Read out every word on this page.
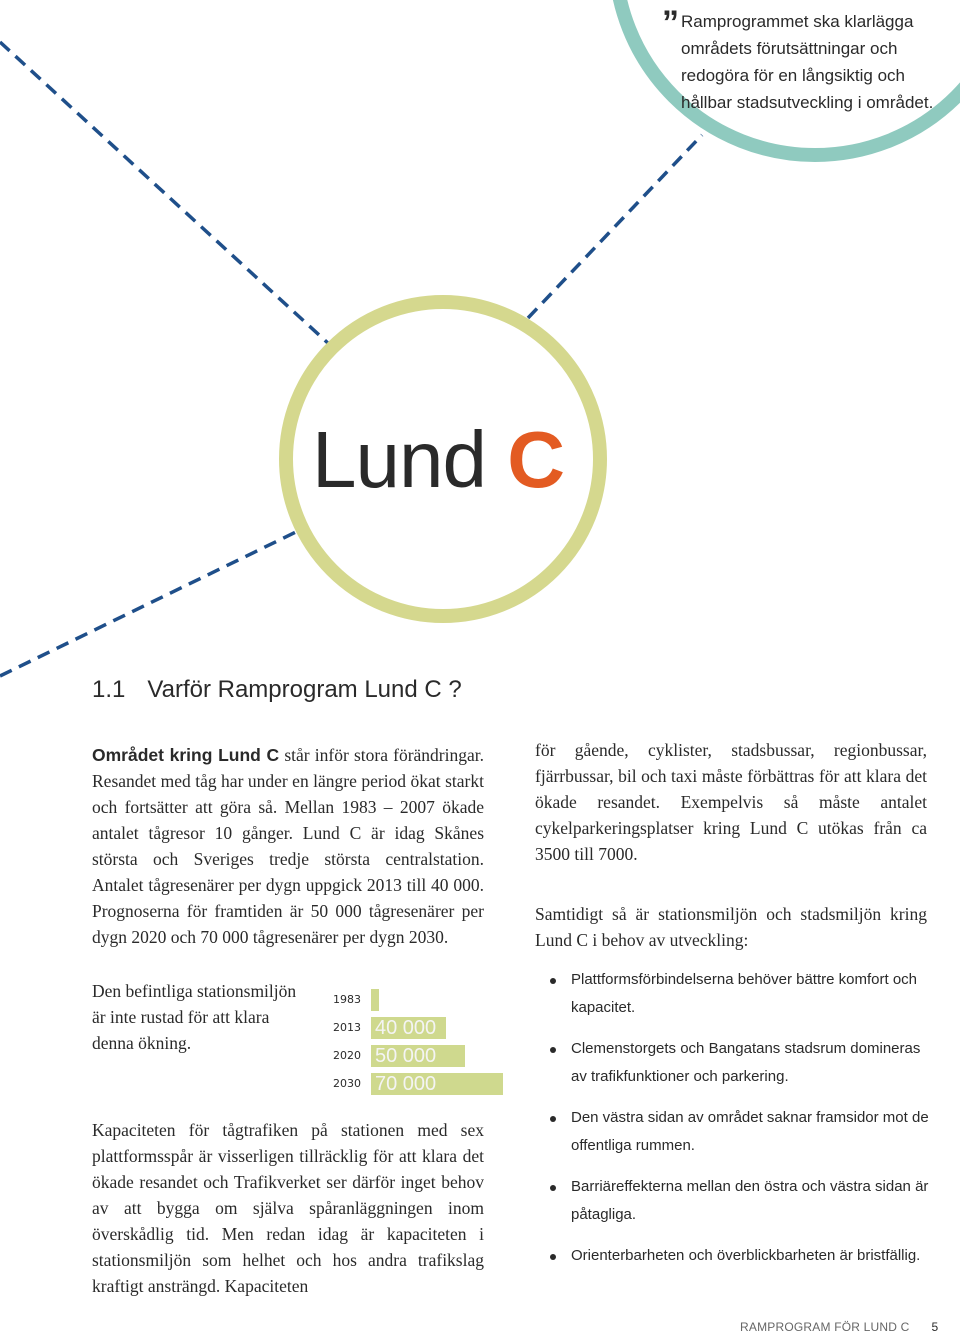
” Ramprogrammet ska klarlägga områdets förutsättningar och redogöra för en långsiktig och hållbar stadsutveckling i området.
Lund C
1.1 Varför Ramprogram Lund C ?
Området kring Lund C står inför stora förändringar. Resandet med tåg har under en längre period ökat starkt och fortsätter att göra så. Mellan 1983 – 2007 ökade antalet tågresor 10 gånger. Lund C är idag Skånes största och Sveriges tredje största centralstation. Antalet tågresenärer per dygn uppgick 2013 till 40 000. Prognoserna för framtiden är 50 000 tågresenärer per dygn 2020 och 70 000 tågresenärer per dygn 2030.
Den befintliga stationsmiljön är inte rustad för att klara denna ökning.
1983
2013
2020
2030
40 000
50 000
70 000
Kapaciteten för tågtrafiken på stationen med sex plattformsspår är visserligen tillräcklig för att klara det ökade resandet och Trafikverket ser därför inget behov av att bygga om själva spåranläggningen inom överskådlig tid. Men redan idag är kapaciteten i stationsmiljön som helhet och hos andra trafikslag kraftigt ansträngd. Kapaciteten
för gående, cyklister, stadsbussar, regionbussar, fjärrbussar, bil och taxi måste förbättras för att klara det ökade resandet. Exempelvis så måste antalet cykelparkeringsplatser kring Lund C utökas från ca 3500 till 7000.
Samtidigt så är stationsmiljön och stadsmiljön kring Lund C i behov av utveckling:
Plattformsförbindelserna behöver bättre komfort och kapacitet.
Clemenstorgets och Bangatans stadsrum domineras av trafikfunktioner och parkering.
Den västra sidan av området saknar framsidor mot de offentliga rummen.
Barriäreffekterna mellan den östra och västra sidan är påtagliga.
Orienterbarheten och överblickbarheten är bristfällig.
RAMPROGRAM FÖR LUND C 5
